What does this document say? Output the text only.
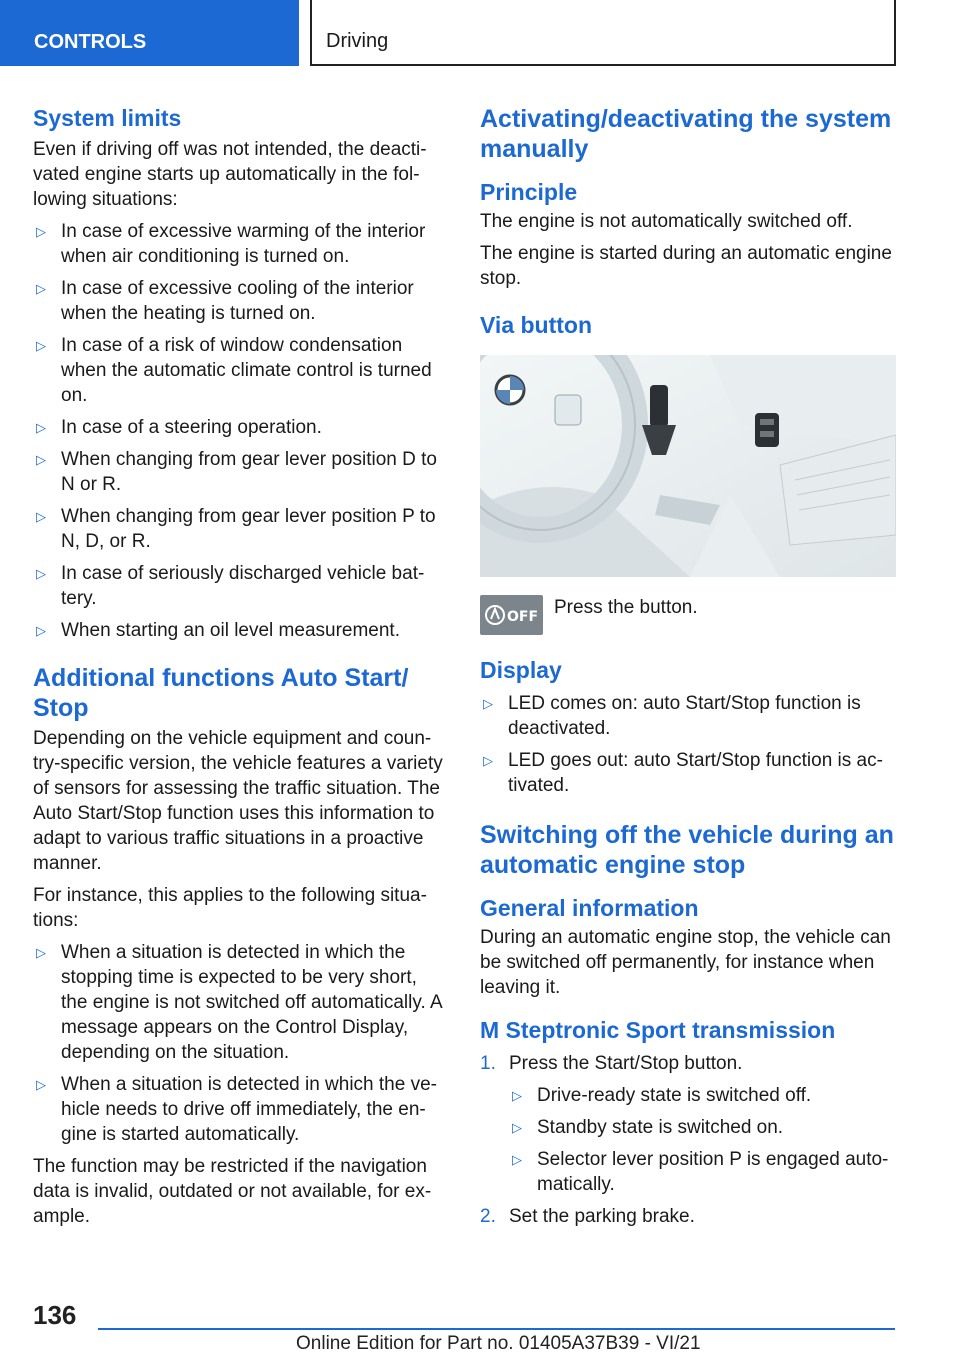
CONTROLS	Driving
System limits

Even if driving off was not intended, the deacti-vated engine starts up automatically in the fol-lowing situations:

▷ In case of excessive warming of the interior when air conditioning is turned on.
▷ In case of excessive cooling of the interior when the heating is turned on.
▷ In case of a risk of window condensation when the automatic climate control is turned on.
▷ In case of a steering operation.
▷ When changing from gear lever position D to N or R.
▷ When changing from gear lever position P to N, D, or R.
▷ In case of seriously discharged vehicle bat-tery.
▷ When starting an oil level measurement.
Additional functions Auto Start/ Stop

Depending on the vehicle equipment and coun-try-specific version, the vehicle features a variety of sensors for assessing the traffic situation. The Auto Start/Stop function uses this information to adapt to various traffic situations in a proactive manner.

For instance, this applies to the following situa-tions:

▷ When a situation is detected in which the stopping time is expected to be very short, the engine is not switched off automatically. A message appears on the Control Display, depending on the situation.
▷ When a situation is detected in which the ve-hicle needs to drive off immediately, the en-gine is started automatically.

The function may be restricted if the navigation data is invalid, outdated or not available, for ex-ample.

Activating/deactivating the system manually
Principle

The engine is not automatically switched off.

The engine is started during an automatic engine stop.

Via button
OFF Press the button.

Display
▷ LED comes on: auto Start/Stop function is deactivated.
▷ LED goes out: auto Start/Stop function is ac-tivated.
Switching off the vehicle during an automatic engine stop
General information

During an automatic engine stop, the vehicle can be switched off permanently, for instance when leaving it.

M Steptronic Sport transmission
1. Press the Start/Stop button.
▷ Drive-ready state is switched off.
▷ Standby state is switched on.
▷ Selector lever position P is engaged auto-matically.
2. Set the parking brake.
136
Online Edition for Part no. 01405A37B39 - VI/21
